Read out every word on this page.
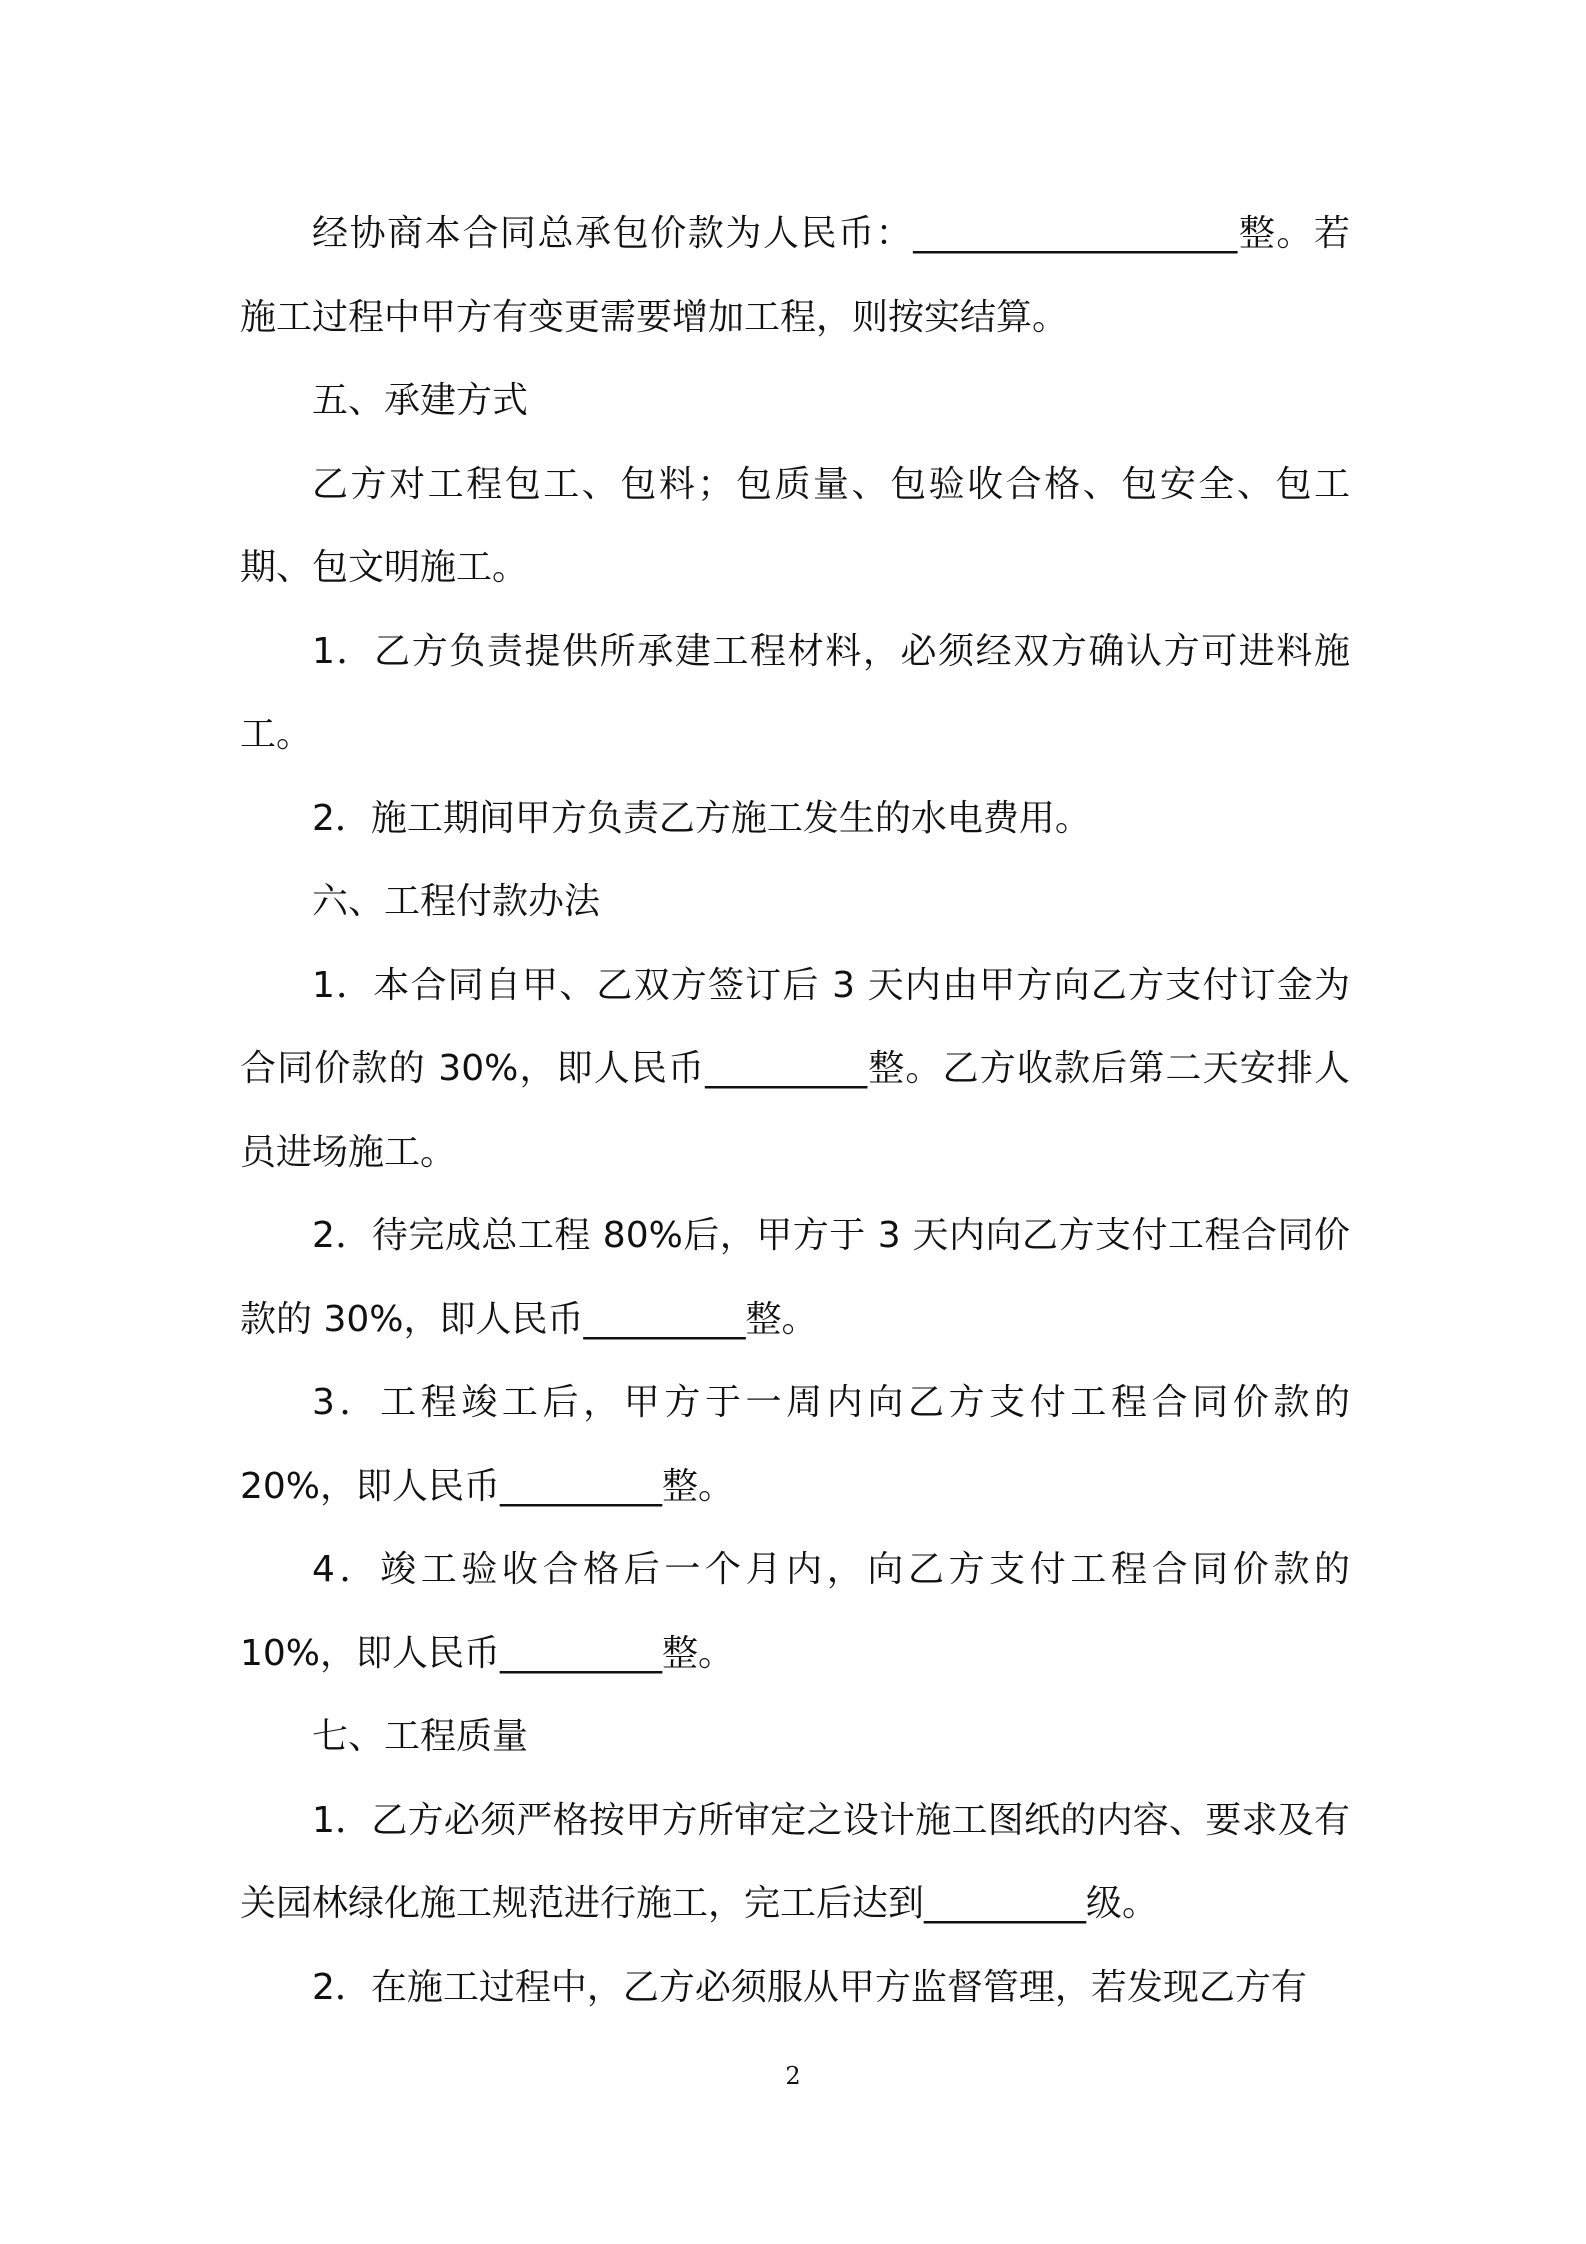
经协商本合同总承包价款为人民币：__________________整。若施工过程中甲方有变更需要增加工程，则按实结算。

五、承建方式

乙方对工程包工、包料；包质量、包验收合格、包安全、包工期、包文明施工。

1．乙方负责提供所承建工程材料，必须经双方确认方可进料施工。

2．施工期间甲方负责乙方施工发生的水电费用。

六、工程付款办法

1．本合同自甲、乙双方签订后 3 天内由甲方向乙方支付订金为合同价款的 30%，即人民币_________整。乙方收款后第二天安排人员进场施工。

2．待完成总工程 80%后，甲方于 3 天内向乙方支付工程合同价款的 30%，即人民币_________整。

3．工程竣工后，甲方于一周内向乙方支付工程合同价款的20%，即人民币_________整。

4．竣工验收合格后一个月内，向乙方支付工程合同价款的10%，即人民币_________整。

七、工程质量

1．乙方必须严格按甲方所审定之设计施工图纸的内容、要求及有关园林绿化施工规范进行施工，完工后达到_________级。

2．在施工过程中，乙方必须服从甲方监督管理，若发现乙方有

2
